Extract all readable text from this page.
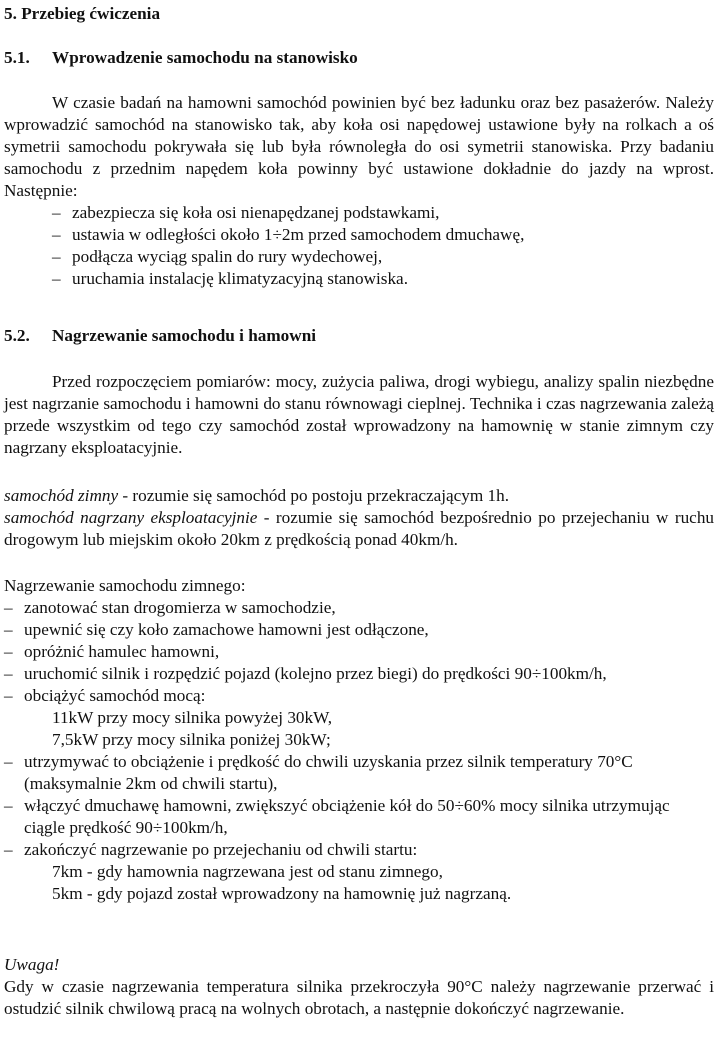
5. Przebieg ćwiczenia
5.1. Wprowadzenie samochodu na stanowisko

W czasie badań na hamowni samochód powinien być bez ładunku oraz bez pasażerów. Należy wprowadzić samochód na stanowisko tak, aby koła osi napędowej ustawione były na rolkach a oś symetrii samochodu pokrywała się lub była równoległa do osi symetrii stanowiska. Przy badaniu samochodu z przednim napędem koła powinny być ustawione dokładnie do jazdy na wprost. Następnie:

– zabezpiecza się koła osi nienapędzanej podstawkami,
– ustawia w odległości około 1÷2m przed samochodem dmuchawę,
– podłącza wyciąg spalin do rury wydechowej,
– uruchamia instalację klimatyzacyjną stanowiska.
5.2. Nagrzewanie samochodu i hamowni

Przed rozpoczęciem pomiarów: mocy, zużycia paliwa, drogi wybiegu, analizy spalin niezbędne jest nagrzanie samochodu i hamowni do stanu równowagi cieplnej. Technika i czas nagrzewania zależą przede wszystkim od tego czy samochód został wprowadzony na hamownię w stanie zimnym czy nagrzany eksploatacyjnie.

samochód zimny - rozumie się samochód po postoju przekraczającym 1h.

samochód nagrzany eksploatacyjnie - rozumie się samochód bezpośrednio po przejechaniu w ruchu drogowym lub miejskim około 20km z prędkością ponad 40km/h.

Nagrzewanie samochodu zimnego:

– zanotować stan drogomierza w samochodzie,
– upewnić się czy koło zamachowe hamowni jest odłączone,
– opróżnić hamulec hamowni,
– uruchomić silnik i rozpędzić pojazd (kolejno przez biegi) do prędkości 90÷100km/h,
– obciążyć samochód mocą:
11kW przy mocy silnika powyżej 30kW,
7,5kW przy mocy silnika poniżej 30kW;
– utrzymywać to obciążenie i prędkość do chwili uzyskania przez silnik temperatury 70°C (maksymalnie 2km od chwili startu),
– włączyć dmuchawę hamowni, zwiększyć obciążenie kół do 50÷60% mocy silnika utrzymując ciągle prędkość 90÷100km/h,
– zakończyć nagrzewanie po przejechaniu od chwili startu:
7km - gdy hamownia nagrzewana jest od stanu zimnego,
5km - gdy pojazd został wprowadzony na hamownię już nagrzaną.

Uwaga!

Gdy w czasie nagrzewania temperatura silnika przekroczyła 90°C należy nagrzewanie przerwać i ostudzić silnik chwilową pracą na wolnych obrotach, a następnie dokończyć nagrzewanie.
